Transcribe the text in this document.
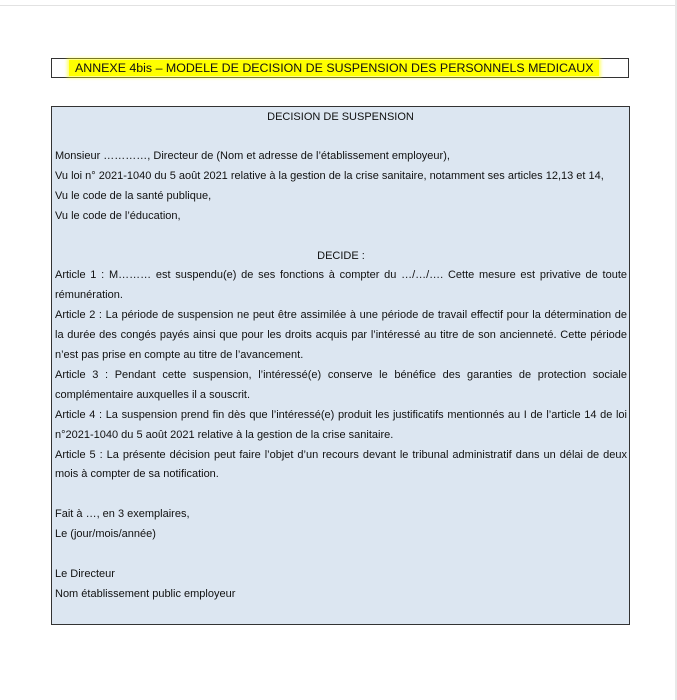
ANNEXE 4bis – MODELE DE DECISION DE SUSPENSION DES PERSONNELS MEDICAUX
DECISION DE SUSPENSION
Monsieur …………, Directeur de (Nom et adresse de l’établissement employeur),
Vu loi n° 2021-1040 du 5 août 2021 relative à la gestion de la crise sanitaire, notamment ses articles 12,13 et 14,
Vu le code de la santé publique,
Vu le code de l’éducation,
DECIDE :
Article 1 : M……… est suspendu(e) de ses fonctions à compter du …/…/…. Cette mesure est privative de toute rémunération.
Article 2 : La période de suspension ne peut être assimilée à une période de travail effectif pour la détermination de la durée des congés payés ainsi que pour les droits acquis par l’intéressé au titre de son ancienneté. Cette période n’est pas prise en compte au titre de l’avancement.
Article 3 : Pendant cette suspension, l’intéressé(e) conserve le bénéfice des garanties de protection sociale complémentaire auxquelles il a souscrit.
Article 4 : La suspension prend fin dès que l’intéressé(e) produit les justificatifs mentionnés au I de l’article 14 de loi n°2021-1040 du 5 août 2021 relative à la gestion de la crise sanitaire.
Article 5 : La présente décision peut faire l’objet d’un recours devant le tribunal administratif dans un délai de deux mois à compter de sa notification.
Fait à …, en 3 exemplaires,
Le (jour/mois/année)
Le Directeur
Nom établissement public employeur
